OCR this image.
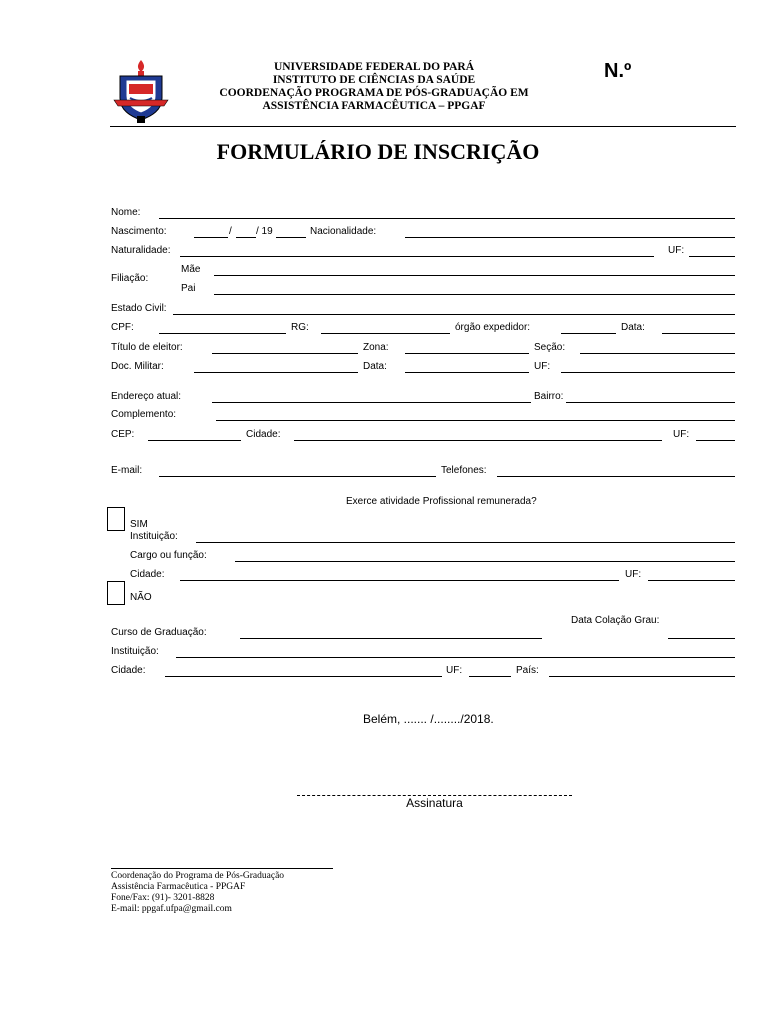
UNIVERSIDADE FEDERAL DO PARÁ
INSTITUTO DE CIÊNCIAS DA SAÚDE
COORDENAÇÃO PROGRAMA DE PÓS-GRADUAÇÃO EM
ASSISTÊNCIA FARMACÊUTICA – PPGAF
N.º
FORMULÁRIO DE INSCRIÇÃO
Nome:
Nascimento:	/ / 19	Nacionalidade:
Naturalidade:	UF:
Filiação:
Mãe
Pai
Estado Civil:
CPF:	RG:	órgão expedidor:	Data:
Título de eleitor:	Zona:	Seção:
Doc. Militar:	Data:	UF:
Endereço atual:	Bairro:
Complemento:
CEP:	Cidade:	UF:
E-mail:	Telefones:
Exerce atividade Profissional remunerada?
SIM
Instituição:
Cargo ou função:
Cidade:	UF:
NÃO
Data Colação Grau:
Curso de Graduação:
Instituição:
Cidade:	UF:	País:
Belém, ....... /......../2018.
Assinatura
Coordenação do Programa de Pós-Graduação
Assistência Farmacêutica - PPGAF
Fone/Fax: (91)- 3201-8828
E-mail: ppgaf.ufpa@gmail.com
